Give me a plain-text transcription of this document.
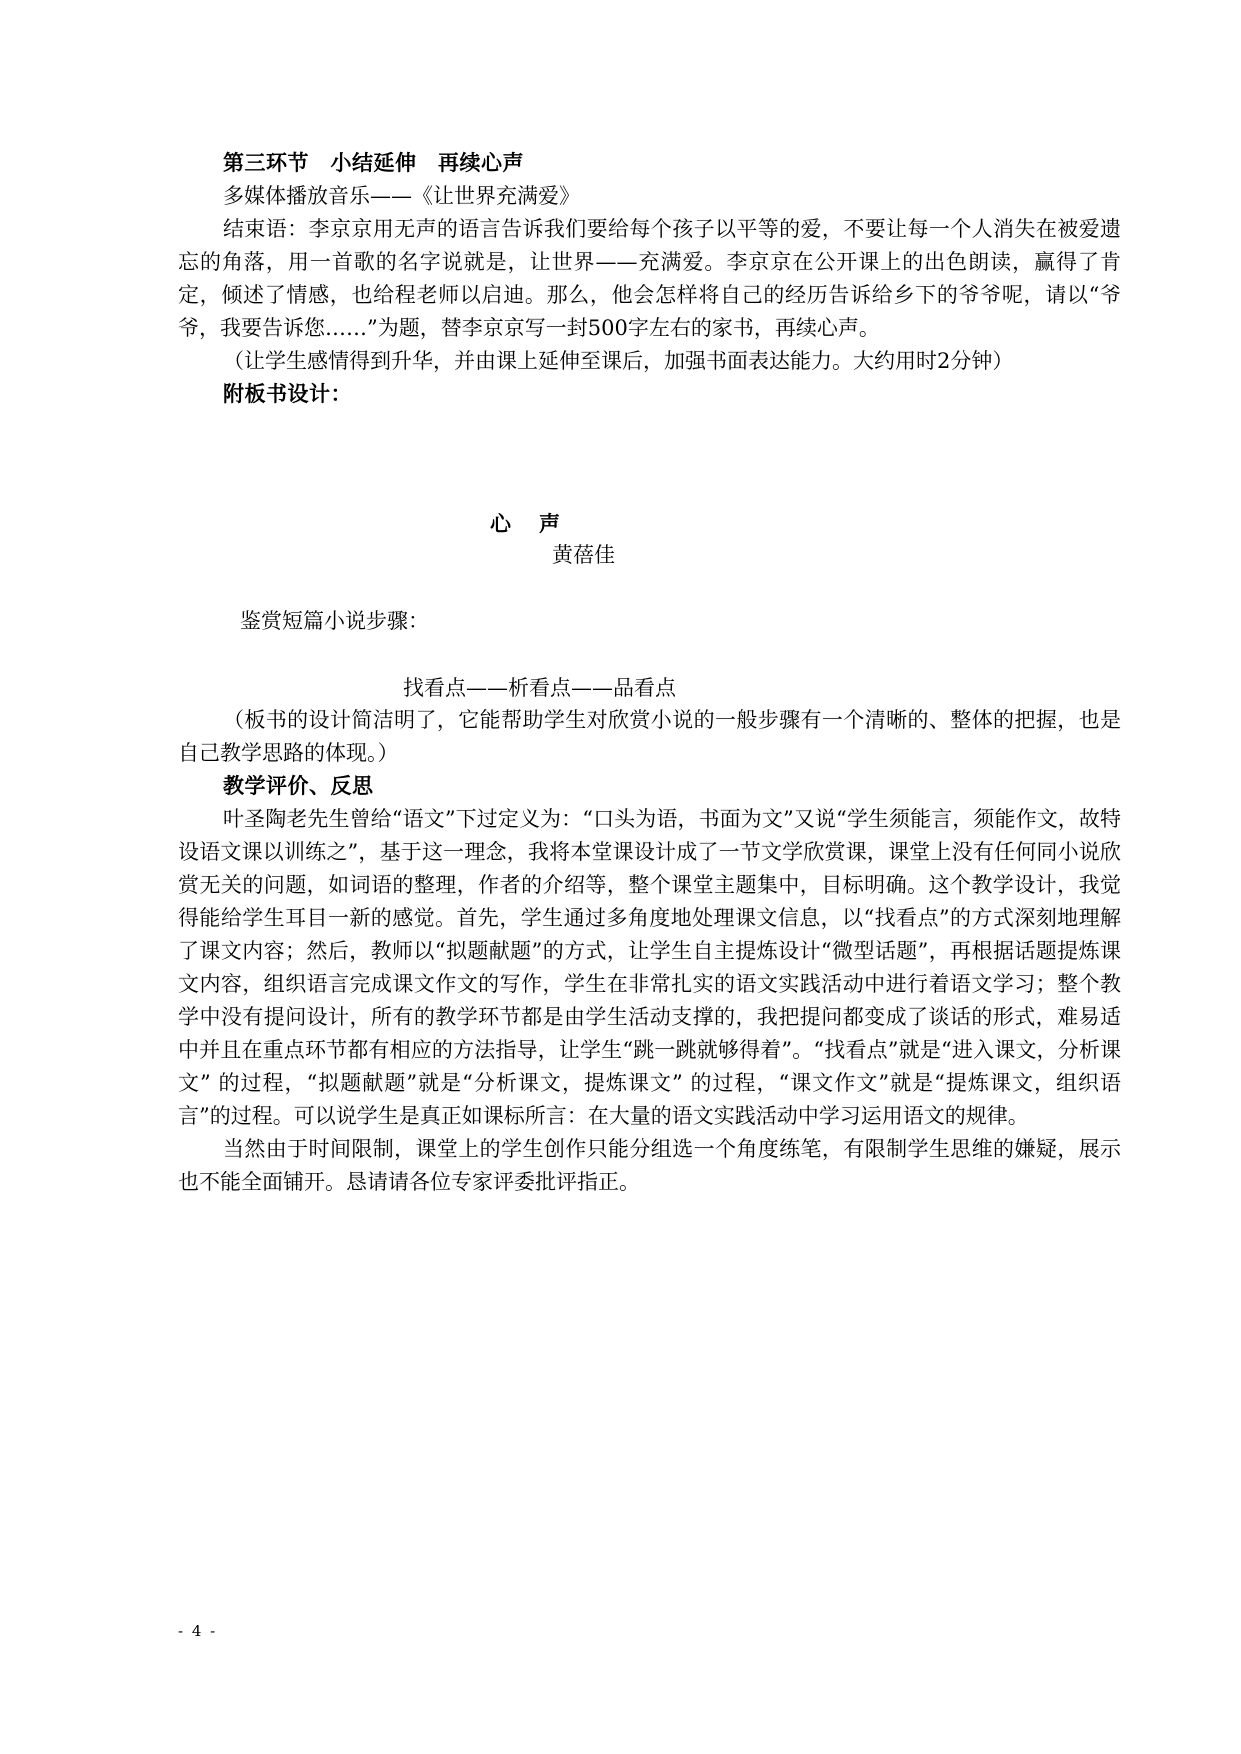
第三环节　小结延伸　再续心声

多媒体播放音乐——《让世界充满爱》

结束语：李京京用无声的语言告诉我们要给每个孩子以平等的爱，不要让每一个人消失在被爱遗忘的角落，用一首歌的名字说就是，让世界——充满爱。李京京在公开课上的出色朗读，赢得了肯定，倾述了情感，也给程老师以启迪。那么，他会怎样将自己的经历告诉给乡下的爷爷呢，请以“爷爷，我要告诉您……”为题，替李京京写一封500字左右的家书，再续心声。

（让学生感情得到升华，并由课上延伸至课后，加强书面表达能力。大约用时2分钟）

附板书设计：

心声
黄蓓佳
鉴赏短篇小说步骤：
找看点——析看点——品看点

（板书的设计简洁明了，它能帮助学生对欣赏小说的一般步骤有一个清晰的、整体的把握，也是自己教学思路的体现。）

教学评价、反思

叶圣陶老先生曾给“语文”下过定义为：“口头为语，书面为文”又说“学生须能言，须能作文，故特设语文课以训练之”，基于这一理念，我将本堂课设计成了一节文学欣赏课，课堂上没有任何同小说欣赏无关的问题，如词语的整理，作者的介绍等，整个课堂主题集中，目标明确。这个教学设计，我觉得能给学生耳目一新的感觉。首先，学生通过多角度地处理课文信息，以“找看点”的方式深刻地理解了课文内容；然后，教师以“拟题献题”的方式，让学生自主提炼设计“微型话题”，再根据话题提炼课文内容，组织语言完成课文作文的写作，学生在非常扎实的语文实践活动中进行着语文学习；整个教学中没有提问设计，所有的教学环节都是由学生活动支撑的，我把提问都变成了谈话的形式，难易适中并且在重点环节都有相应的方法指导，让学生“跳一跳就够得着”。“找看点”就是“进入课文，分析课文” 的过程，“拟题献题”就是“分析课文，提炼课文” 的过程，“课文作文”就是“提炼课文，组织语言”的过程。可以说学生是真正如课标所言：在大量的语文实践活动中学习运用语文的规律。

当然由于时间限制，课堂上的学生创作只能分组选一个角度练笔，有限制学生思维的嫌疑，展示也不能全面铺开。恳请请各位专家评委批评指正。

- 4 -
